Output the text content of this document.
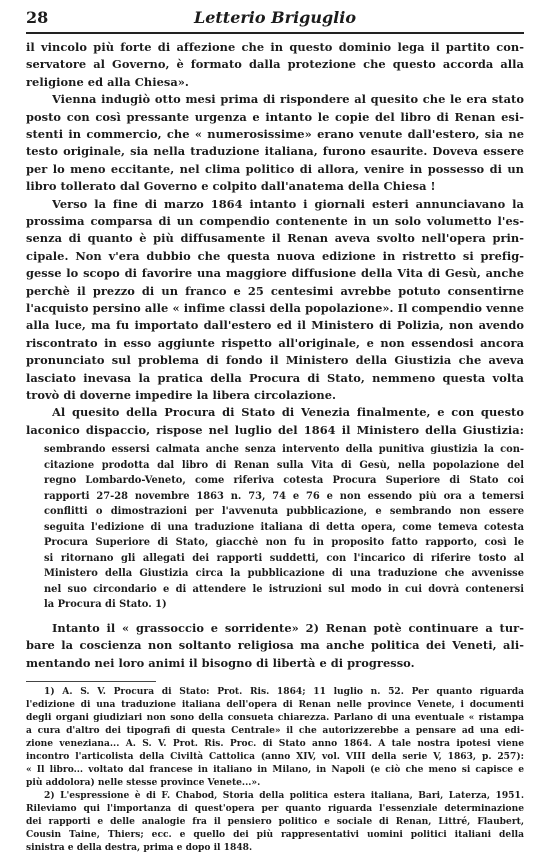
28	Letterio Briguglio
il vincolo più forte di affezione che in questo dominio lega il partito con-
servatore al Governo, è formato dalla protezione che questo accorda alla
religione ed alla Chiesa».
Vienna indugiò otto mesi prima di rispondere al quesito che le era stato
posto con così pressante urgenza e intanto le copie del libro di Renan esi-
stenti in commercio, che « numerosissime» erano venute dall'estero, sia ne
testo originale, sia nella traduzione italiana, furono esaurite. Doveva essere
per lo meno eccitante, nel clima politico di allora, venire in possesso di un
libro tollerato dal Governo e colpito dall'anatema della Chiesa !
Verso la fine di marzo 1864 intanto i giornali esteri annunciavano la
prossima comparsa di un compendio contenente in un solo volumetto l'es-
senza di quanto è più diffusamente il Renan aveva svolto nell'opera prin-
cipale. Non v'era dubbio che questa nuova edizione in ristretto si prefig-
gesse lo scopo di favorire una maggiore diffusione della Vita di Gesù, anche
perchè il prezzo di un franco e 25 centesimi avrebbe potuto consentirne
l'acquisto persino alle « infime classi della popolazione». Il compendio venne
alla luce, ma fu importato dall'estero ed il Ministero di Polizia, non avendo
riscontrato in esso aggiunte rispetto all'originale, e non essendosi ancora
pronunciato sul problema di fondo il Ministero della Giustizia che aveva
lasciato inevasa la pratica della Procura di Stato, nemmeno questa volta
trovò di doverne impedire la libera circolazione.
Al quesito della Procura di Stato di Venezia finalmente, e con questo
laconico dispaccio, rispose nel luglio del 1864 il Ministero della Giustizia:
sembrando essersi calmata anche senza intervento della punitiva giustizia la con-
citazione prodotta dal libro di Renan sulla Vita di Gesù, nella popolazione del
regno Lombardo-Veneto, come riferiva cotesta Procura Superiore di Stato coi
rapporti 27-28 novembre 1863 n. 73, 74 e 76 e non essendo più ora a temersi
conflitti o dimostrazioni per l'avvenuta pubblicazione, e sembrando non essere
seguita l'edizione di una traduzione italiana di detta opera, come temeva cotesta
Procura Superiore di Stato, giacchè non fu in proposito fatto rapporto, così le
si ritornano gli allegati dei rapporti suddetti, con l'incarico di riferire tosto al
Ministero della Giustizia circa la pubblicazione di una traduzione che avvenisse
nel suo circondario e di attendere le istruzioni sul modo in cui dovrà contenersi
la Procura di Stato. 1)
Intanto il « grassoccio e sorridente» 2) Renan potè continuare a tur-
bare la coscienza non soltanto religiosa ma anche politica dei Veneti, ali-
mentando nei loro animi il bisogno di libertà e di progresso.
1) A. S. V. Procura di Stato: Prot. Ris. 1864; 11 luglio n. 52. Per quanto riguarda
l'edizione di una traduzione italiana dell'opera di Renan nelle province Venete, i documenti
degli organi giudiziari non sono della consueta chiarezza. Parlano di una eventuale « ristampa
a cura d'altro dei tipografi di questa Centrale» il che autorizzerebbe a pensare ad una edi-
zione veneziana... A. S. V. Prot. Ris. Proc. di Stato anno 1864. A tale nostra ipotesi viene
incontro l'articolista della Civiltà Cattolica (anno XIV, vol. VIII della serie V, 1863, p. 257):
« Il libro... voltato dal francese in italiano in Milano, in Napoli (e ciò che meno si capisce e
più addolora) nelle stesse province Venete...».
2) L'espressione è di F. Chabod, Storia della politica estera italiana, Bari, Laterza, 1951.
Rileviamo qui l'importanza di quest'opera per quanto riguarda l'essenziale determinazione
dei rapporti e delle analogie fra il pensiero politico e sociale di Renan, Littré, Flaubert,
Cousin Taine, Thiers; ecc. e quello dei più rappresentativi uomini politici italiani della
sinistra e della destra, prima e dopo il 1848.
